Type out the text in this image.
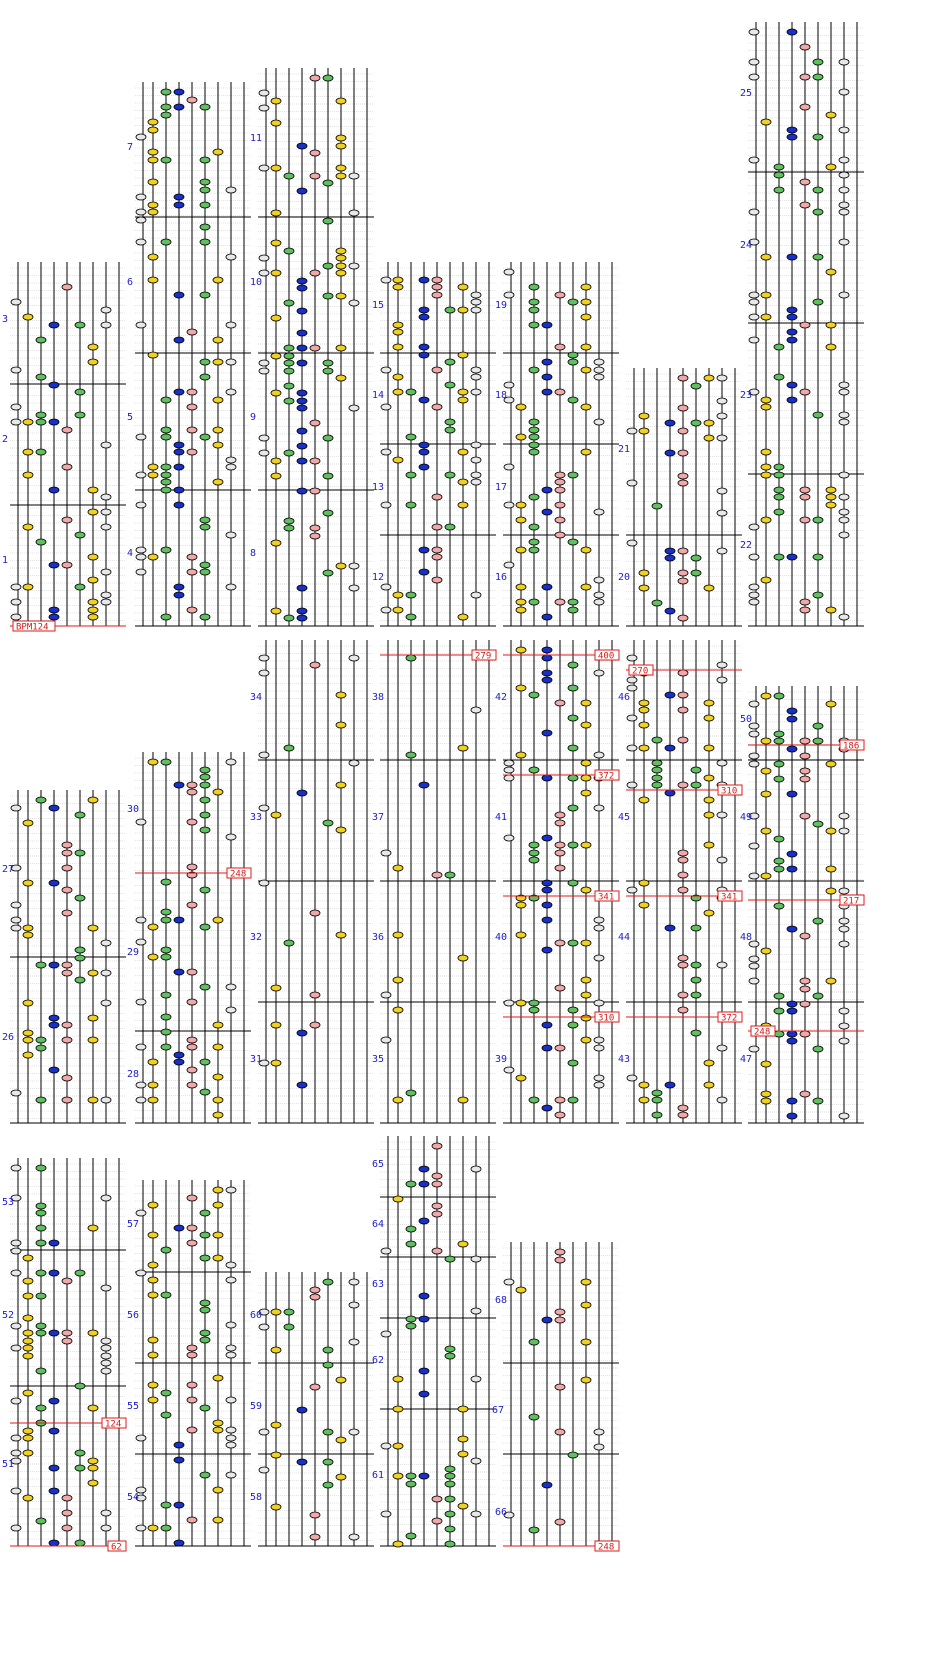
BPM124
3
2
1
7
6
5
4
11
10
9
8
15
14
13
12
19
18
17
16
21
20
25
24
23
22
27
26
248
30
29
28
34
33
32
31
279
38
37
36
35
400
372
341
310
42
41
40
39
270
310
341
372
46
45
44
43
186
217
248
50
49
48
47
124
62
53
52
51
57
56
55
54
60
59
58
65
64
63
62
61
67
248
68
66
